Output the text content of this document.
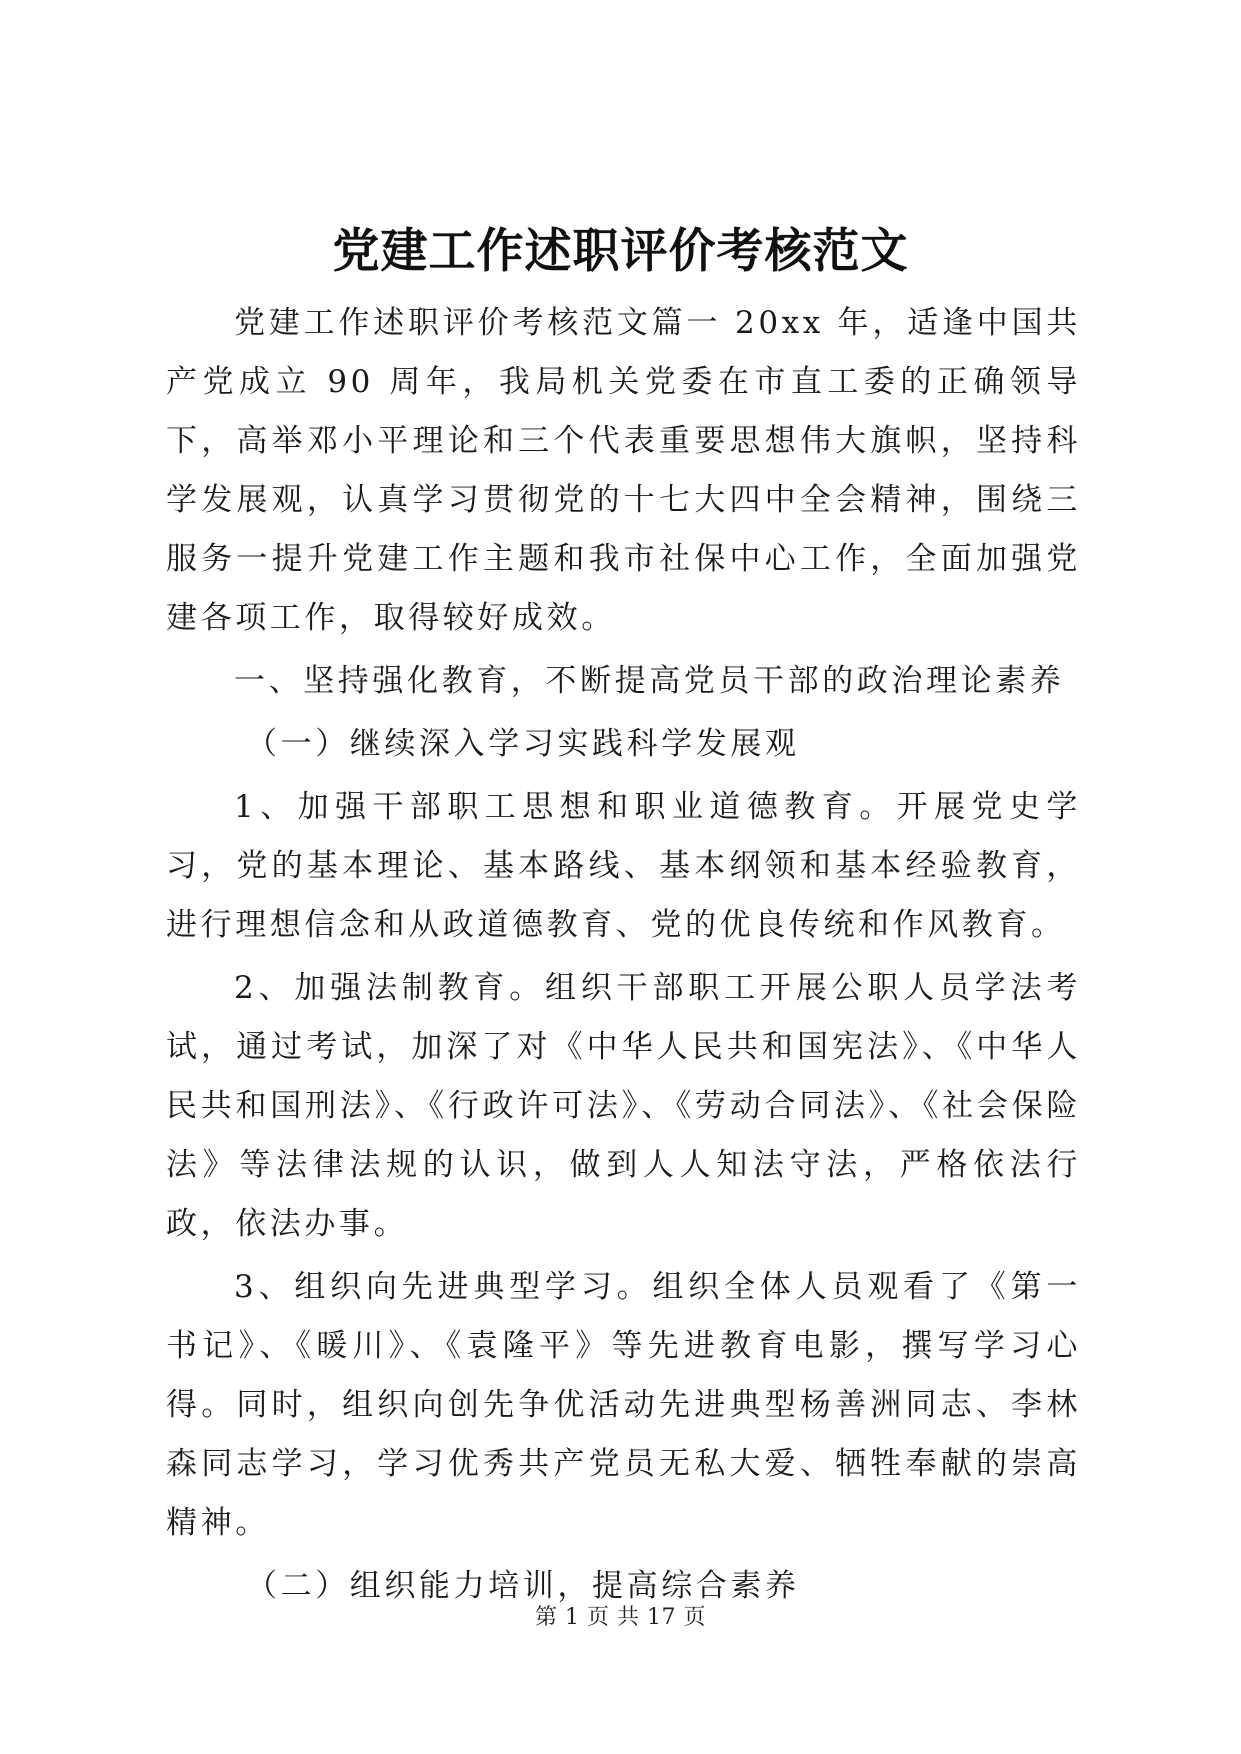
党建工作述职评价考核范文

党建工作述职评价考核范文篇一 20xx 年，适逢中国共产党成立 90 周年，我局机关党委在市直工委的正确领导下，高举邓小平理论和三个代表重要思想伟大旗帜，坚持科学发展观，认真学习贯彻党的十七大四中全会精神，围绕三服务一提升党建工作主题和我市社保中心工作，全面加强党建各项工作，取得较好成效。

一、坚持强化教育，不断提高党员干部的政治理论素养

（一）继续深入学习实践科学发展观

1、加强干部职工思想和职业道德教育。开展党史学习，党的基本理论、基本路线、基本纲领和基本经验教育，进行理想信念和从政道德教育、党的优良传统和作风教育。

2、加强法制教育。组织干部职工开展公职人员学法考试，通过考试，加深了对《中华人民共和国宪法》、《中华人民共和国刑法》、《行政许可法》、《劳动合同法》、《社会保险法》等法律法规的认识，做到人人知法守法，严格依法行政，依法办事。

3、组织向先进典型学习。组织全体人员观看了《第一书记》、《暖川》、《袁隆平》等先进教育电影，撰写学习心得。同时，组织向创先争优活动先进典型杨善洲同志、李林森同志学习，学习优秀共产党员无私大爱、牺牲奉献的崇高精神。

（二）组织能力培训，提高综合素养

第 1 页 共 17 页
